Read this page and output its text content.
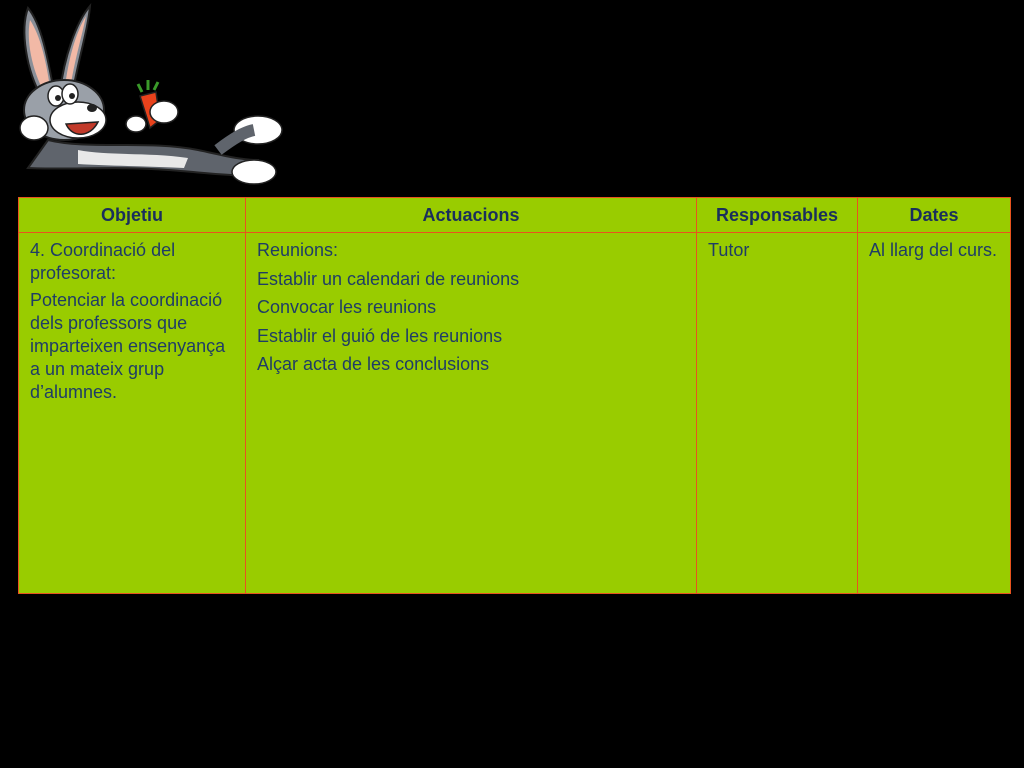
Objetiu	Actuacions	Responsables	Dates

4. Coordinació del profesorat:
Potenciar la coordinació dels professors que imparteixen ensenyança a un mateix grup d’alumnes.	Reunions:
Establir un calendari de reunions
Convocar les reunions
Establir el guió de les reunions
Alçar acta de les conclusions	Tutor	Al llarg del curs.
